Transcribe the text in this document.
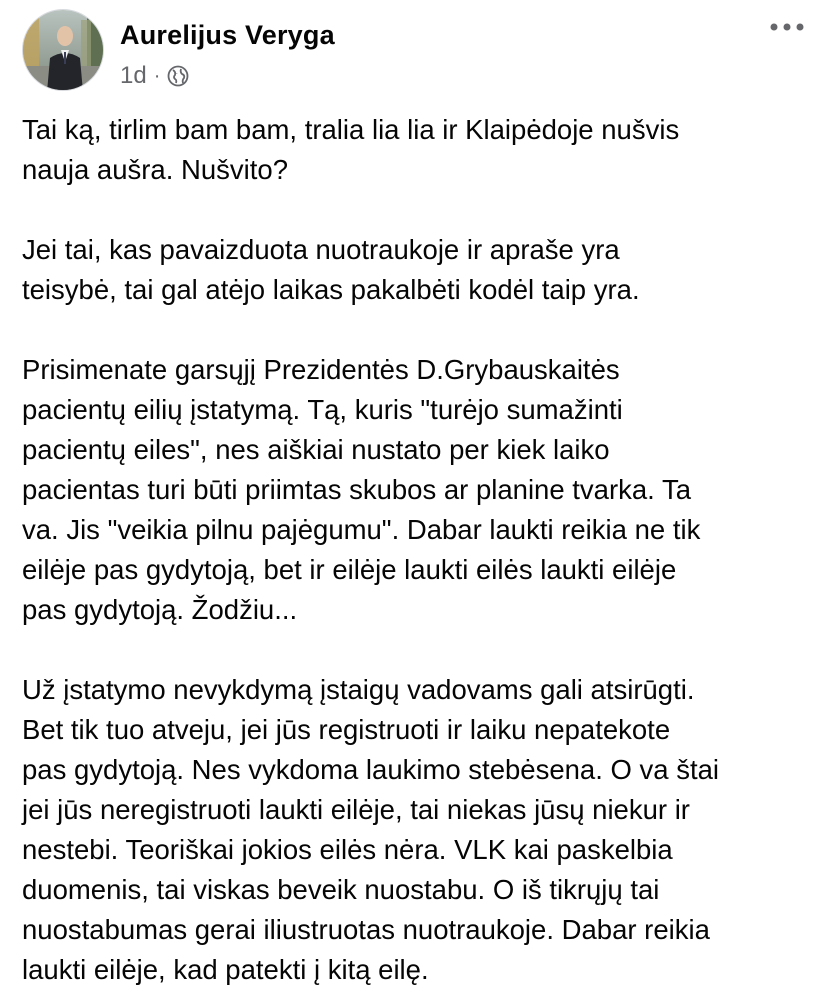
Aurelijus Veryga
1d ·

Tai ką, tirlim bam bam, tralia lia lia ir Klaipėdoje nušvis
nauja aušra. Nušvito?

Jei tai, kas pavaizduota nuotraukoje ir apraše yra
teisybė, tai gal atėjo laikas pakalbėti kodėl taip yra.

Prisimenate garsųjį Prezidentės D.Grybauskaitės
pacientų eilių įstatymą. Tą, kuris "turėjo sumažinti
pacientų eiles", nes aiškiai nustato per kiek laiko
pacientas turi būti priimtas skubos ar planine tvarka. Ta
va. Jis "veikia pilnu pajėgumu". Dabar laukti reikia ne tik
eilėje pas gydytoją, bet ir eilėje laukti eilės laukti eilėje
pas gydytoją. Žodžiu...

Už įstatymo nevykdymą įstaigų vadovams gali atsirūgti.
Bet tik tuo atveju, jei jūs registruoti ir laiku nepatekote
pas gydytoją. Nes vykdoma laukimo stebėsena. O va štai
jei jūs neregistruoti laukti eilėje, tai niekas jūsų niekur ir
nestebi. Teoriškai jokios eilės nėra. VLK kai paskelbia
duomenis, tai viskas beveik nuostabu. O iš tikrųjų tai
nuostabumas gerai iliustruotas nuotraukoje. Dabar reikia
laukti eilėje, kad patekti į kitą eilę.
